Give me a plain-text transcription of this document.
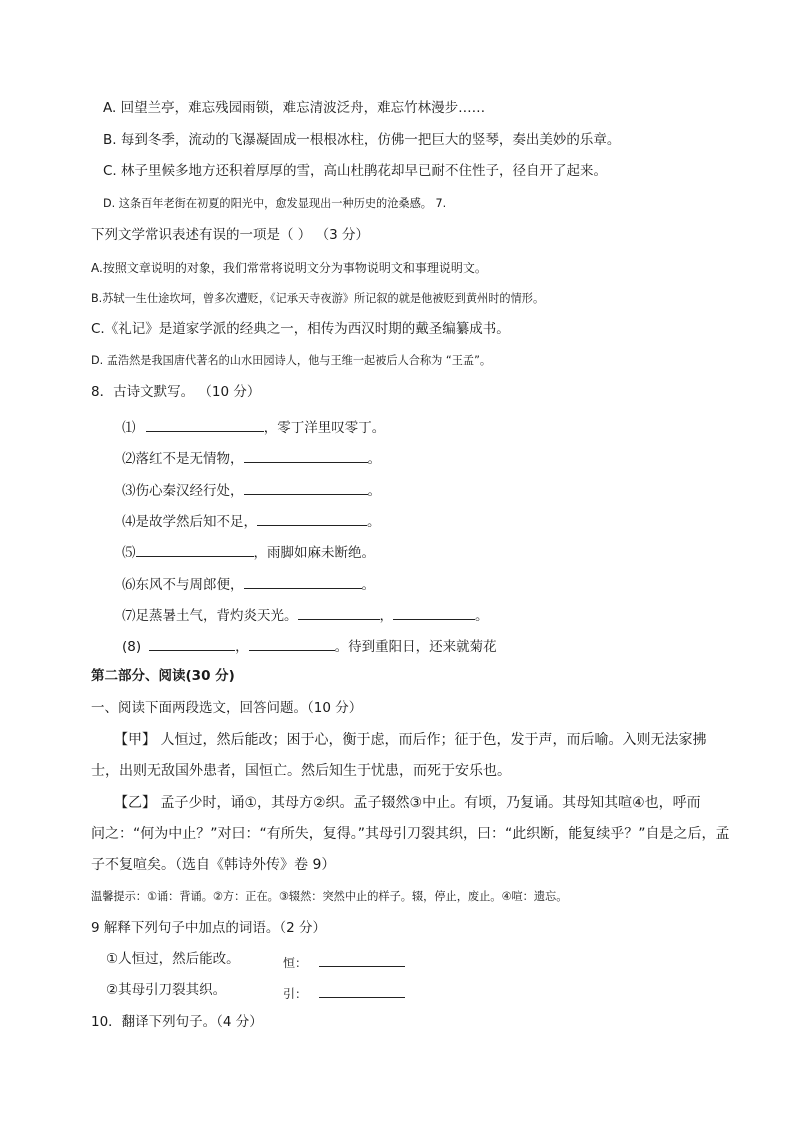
A. 回望兰亭，难忘残园雨锁，难忘清波泛舟，难忘竹林漫步……
B. 每到冬季，流动的飞瀑凝固成一根根冰柱，仿佛一把巨大的竖琴，奏出美妙的乐章。
C. 林子里候多地方还积着厚厚的雪，高山杜鹃花却早已耐不住性子，径自开了起来。
D. 这条百年老街在初夏的阳光中，愈发显现出一种历史的沧桑感。 7.
下列文学常识表述有误的一项是（ ） （3 分）
A.按照文章说明的对象，我们常常将说明文分为事物说明文和事理说明文。
B.苏轼一生仕途坎坷，曾多次遭贬，《记承天寺夜游》所记叙的就是他被贬到黄州时的情形。
C.《礼记》是道家学派的经典之一，相传为西汉时期的戴圣编纂成书。
D. 孟浩然是我国唐代著名的山水田园诗人，他与王维一起被后人合称为 “王孟”。
8．古诗文默写。 （10 分）
⑴	，零丁洋里叹零丁。
⑵落红不是无情物，	。
⑶伤心秦汉经行处，	。
⑷是故学然后知不足，	。
⑸	，雨脚如麻未断绝。
⑹东风不与周郎便，	。
⑺足蒸暑土气，背灼炎天光。	，	。
(8)	，	。待到重阳日，还来就菊花
第二部分、阅读(30 分)
一、阅读下面两段选文，回答问题。（10 分）
【甲】 人恒过，然后能改；困于心，衡于虑，而后作；征于色，发于声，而后喻。入则无法家拂
士，出则无敌国外患者，国恒亡。然后知生于忧患，而死于安乐也。
【乙】 孟子少时，诵①，其母方②织。孟子辍然③中止。有顷，乃复诵。其母知其喧④也，呼而
问之：“何为中止？”对曰：“有所失，复得。”其母引刀裂其织，曰：“此织断，能复续乎？”自是之后，孟
子不复喧矣。（选自《韩诗外传》卷 9）
温馨提示：①诵：背诵。②方：正在。③辍然：突然中止的样子。辍，停止，废止。④喧：遗忘。
9 解释下列句子中加点的词语。（2 分）
①人恒过，然后能改。	恒：
②其母引刀裂其织。	引：
10．翻译下列句子。（4 分）
